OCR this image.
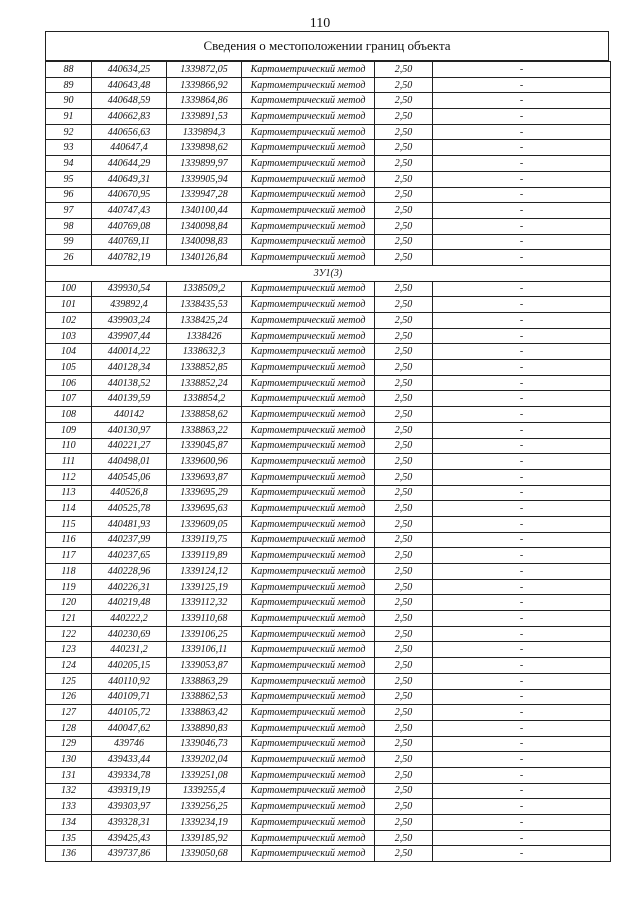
110
Сведения о местоположении границ объекта
88	440634,25	1339872,05	Картометрический метод	2,50	-
89	440643,48	1339866,92	Картометрический метод	2,50	-
90	440648,59	1339864,86	Картометрический метод	2,50	-
91	440662,83	1339891,53	Картометрический метод	2,50	-
92	440656,63	1339894,3	Картометрический метод	2,50	-
93	440647,4	1339898,62	Картометрический метод	2,50	-
94	440644,29	1339899,97	Картометрический метод	2,50	-
95	440649,31	1339905,94	Картометрический метод	2,50	-
96	440670,95	1339947,28	Картометрический метод	2,50	-
97	440747,43	1340100,44	Картометрический метод	2,50	-
98	440769,08	1340098,84	Картометрический метод	2,50	-
99	440769,11	1340098,83	Картометрический метод	2,50	-
26	440782,19	1340126,84	Картометрический метод	2,50	-
3У1(3)					
100	439930,54	1338509,2	Картометрический метод	2,50	-
101	439892,4	1338435,53	Картометрический метод	2,50	-
102	439903,24	1338425,24	Картометрический метод	2,50	-
103	439907,44	1338426	Картометрический метод	2,50	-
104	440014,22	1338632,3	Картометрический метод	2,50	-
105	440128,34	1338852,85	Картометрический метод	2,50	-
106	440138,52	1338852,24	Картометрический метод	2,50	-
107	440139,59	1338854,2	Картометрический метод	2,50	-
108	440142	1338858,62	Картометрический метод	2,50	-
109	440130,97	1338863,22	Картометрический метод	2,50	-
110	440221,27	1339045,87	Картометрический метод	2,50	-
111	440498,01	1339600,96	Картометрический метод	2,50	-
112	440545,06	1339693,87	Картометрический метод	2,50	-
113	440526,8	1339695,29	Картометрический метод	2,50	-
114	440525,78	1339695,63	Картометрический метод	2,50	-
115	440481,93	1339609,05	Картометрический метод	2,50	-
116	440237,99	1339119,75	Картометрический метод	2,50	-
117	440237,65	1339119,89	Картометрический метод	2,50	-
118	440228,96	1339124,12	Картометрический метод	2,50	-
119	440226,31	1339125,19	Картометрический метод	2,50	-
120	440219,48	1339112,32	Картометрический метод	2,50	-
121	440222,2	1339110,68	Картометрический метод	2,50	-
122	440230,69	1339106,25	Картометрический метод	2,50	-
123	440231,2	1339106,11	Картометрический метод	2,50	-
124	440205,15	1339053,87	Картометрический метод	2,50	-
125	440110,92	1338863,29	Картометрический метод	2,50	-
126	440109,71	1338862,53	Картометрический метод	2,50	-
127	440105,72	1338863,42	Картометрический метод	2,50	-
128	440047,62	1338890,83	Картометрический метод	2,50	-
129	439746	1339046,73	Картометрический метод	2,50	-
130	439433,44	1339202,04	Картометрический метод	2,50	-
131	439334,78	1339251,08	Картометрический метод	2,50	-
132	439319,19	1339255,4	Картометрический метод	2,50	-
133	439303,97	1339256,25	Картометрический метод	2,50	-
134	439328,31	1339234,19	Картометрический метод	2,50	-
135	439425,43	1339185,92	Картометрический метод	2,50	-
136	439737,86	1339050,68	Картометрический метод	2,50	-
